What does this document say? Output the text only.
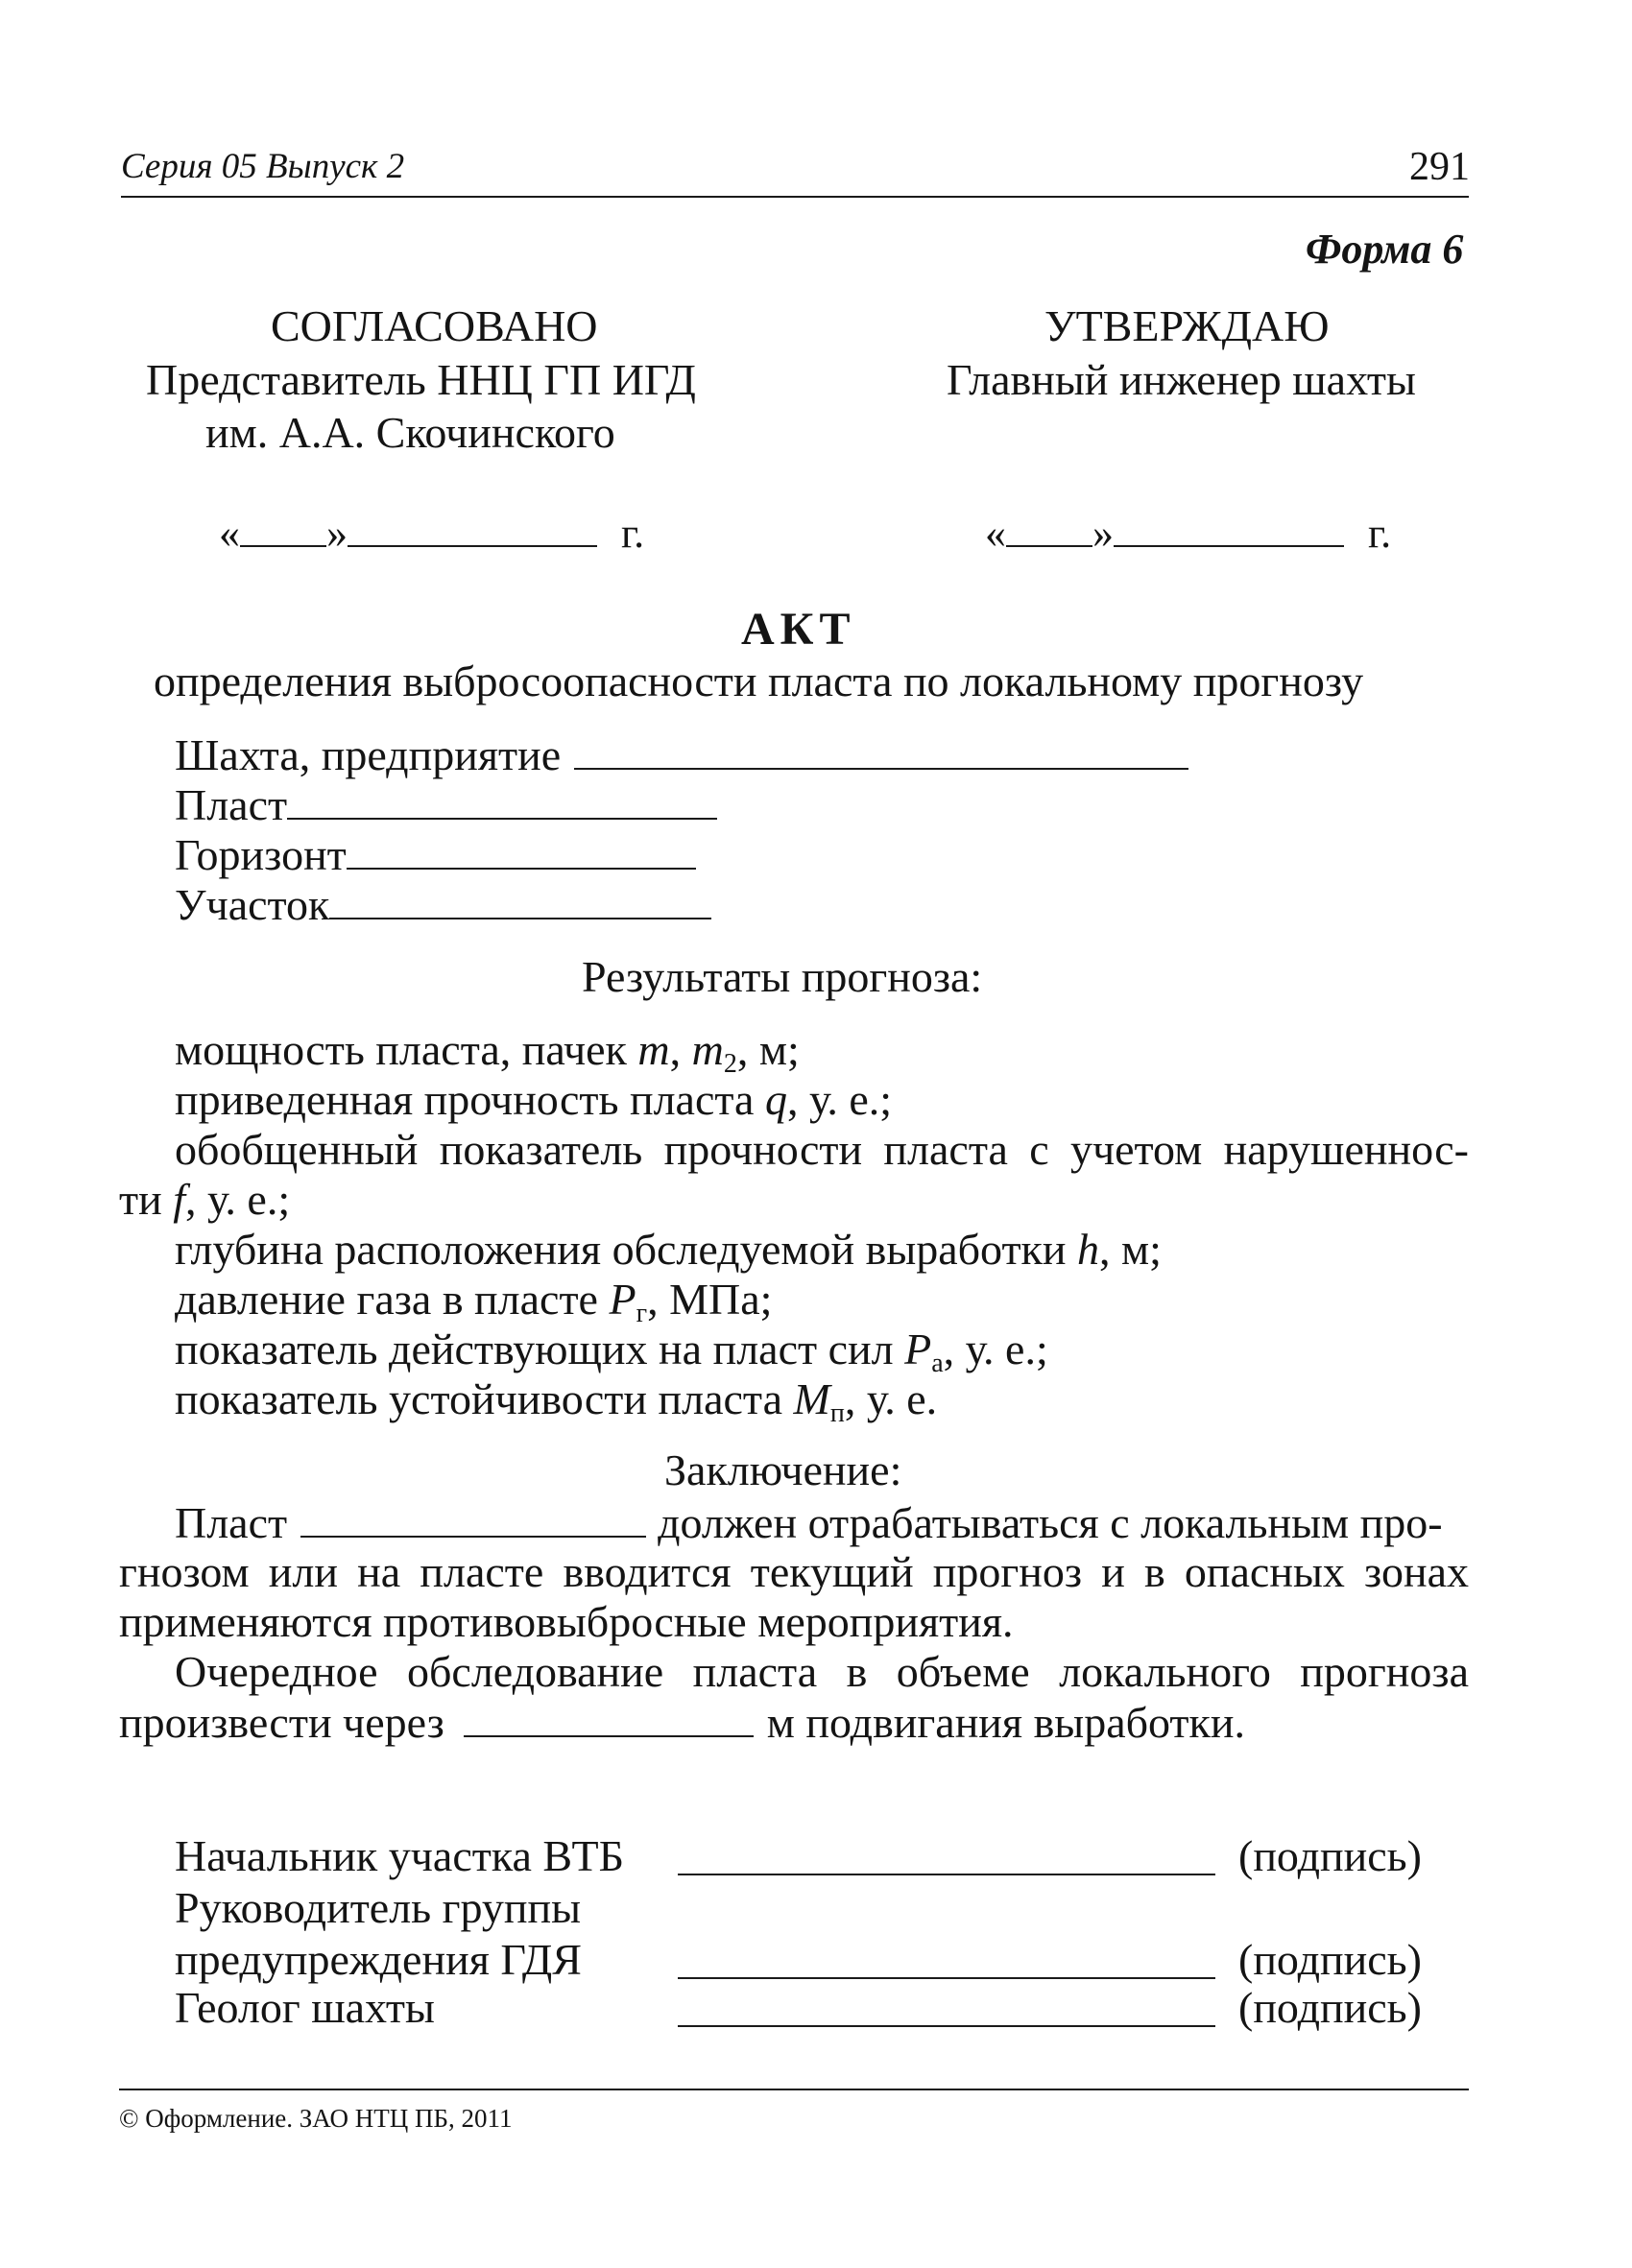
Серия 05 Выпуск 2	291
Форма 6
СОГЛАСОВАНО
Представитель ННЦ ГП ИГД
им. А.А. Скочинского
« »	г.
УТВЕРЖДАЮ
Главный инженер шахты
« »	г.
АКТ
определения выбросоопасности пласта по локальному прогнозу
Шахта, предприятие
Пласт
Горизонт
Участок
Результаты прогноза:
мощность пласта, пачек m, $m_2$, м;
приведенная прочность пласта q, у. е.;
обобщенный показатель прочности пласта с учетом нарушеннос-
ти f, у. е.;
глубина расположения обследуемой выработки h, м;
давление газа в пласте $P_г$, МПа;
показатель действующих на пласт сил $P_а$, у. е.;
показатель устойчивости пласта $M_п$, у. е.
Заключение:
Пласт	должен отрабатываться с локальным про-
гнозом или на пласте вводится текущий прогноз и в опасных зонах
применяются противовыбросные мероприятия.
Очередное обследование пласта в объеме локального прогноза
произвести через	м подвигания выработки.
Начальник участка ВТБ	(подпись)
Руководитель группы
предупреждения ГДЯ	(подпись)
Геолог шахты	(подпись)
© Оформление. ЗАО НТЦ ПБ, 2011
